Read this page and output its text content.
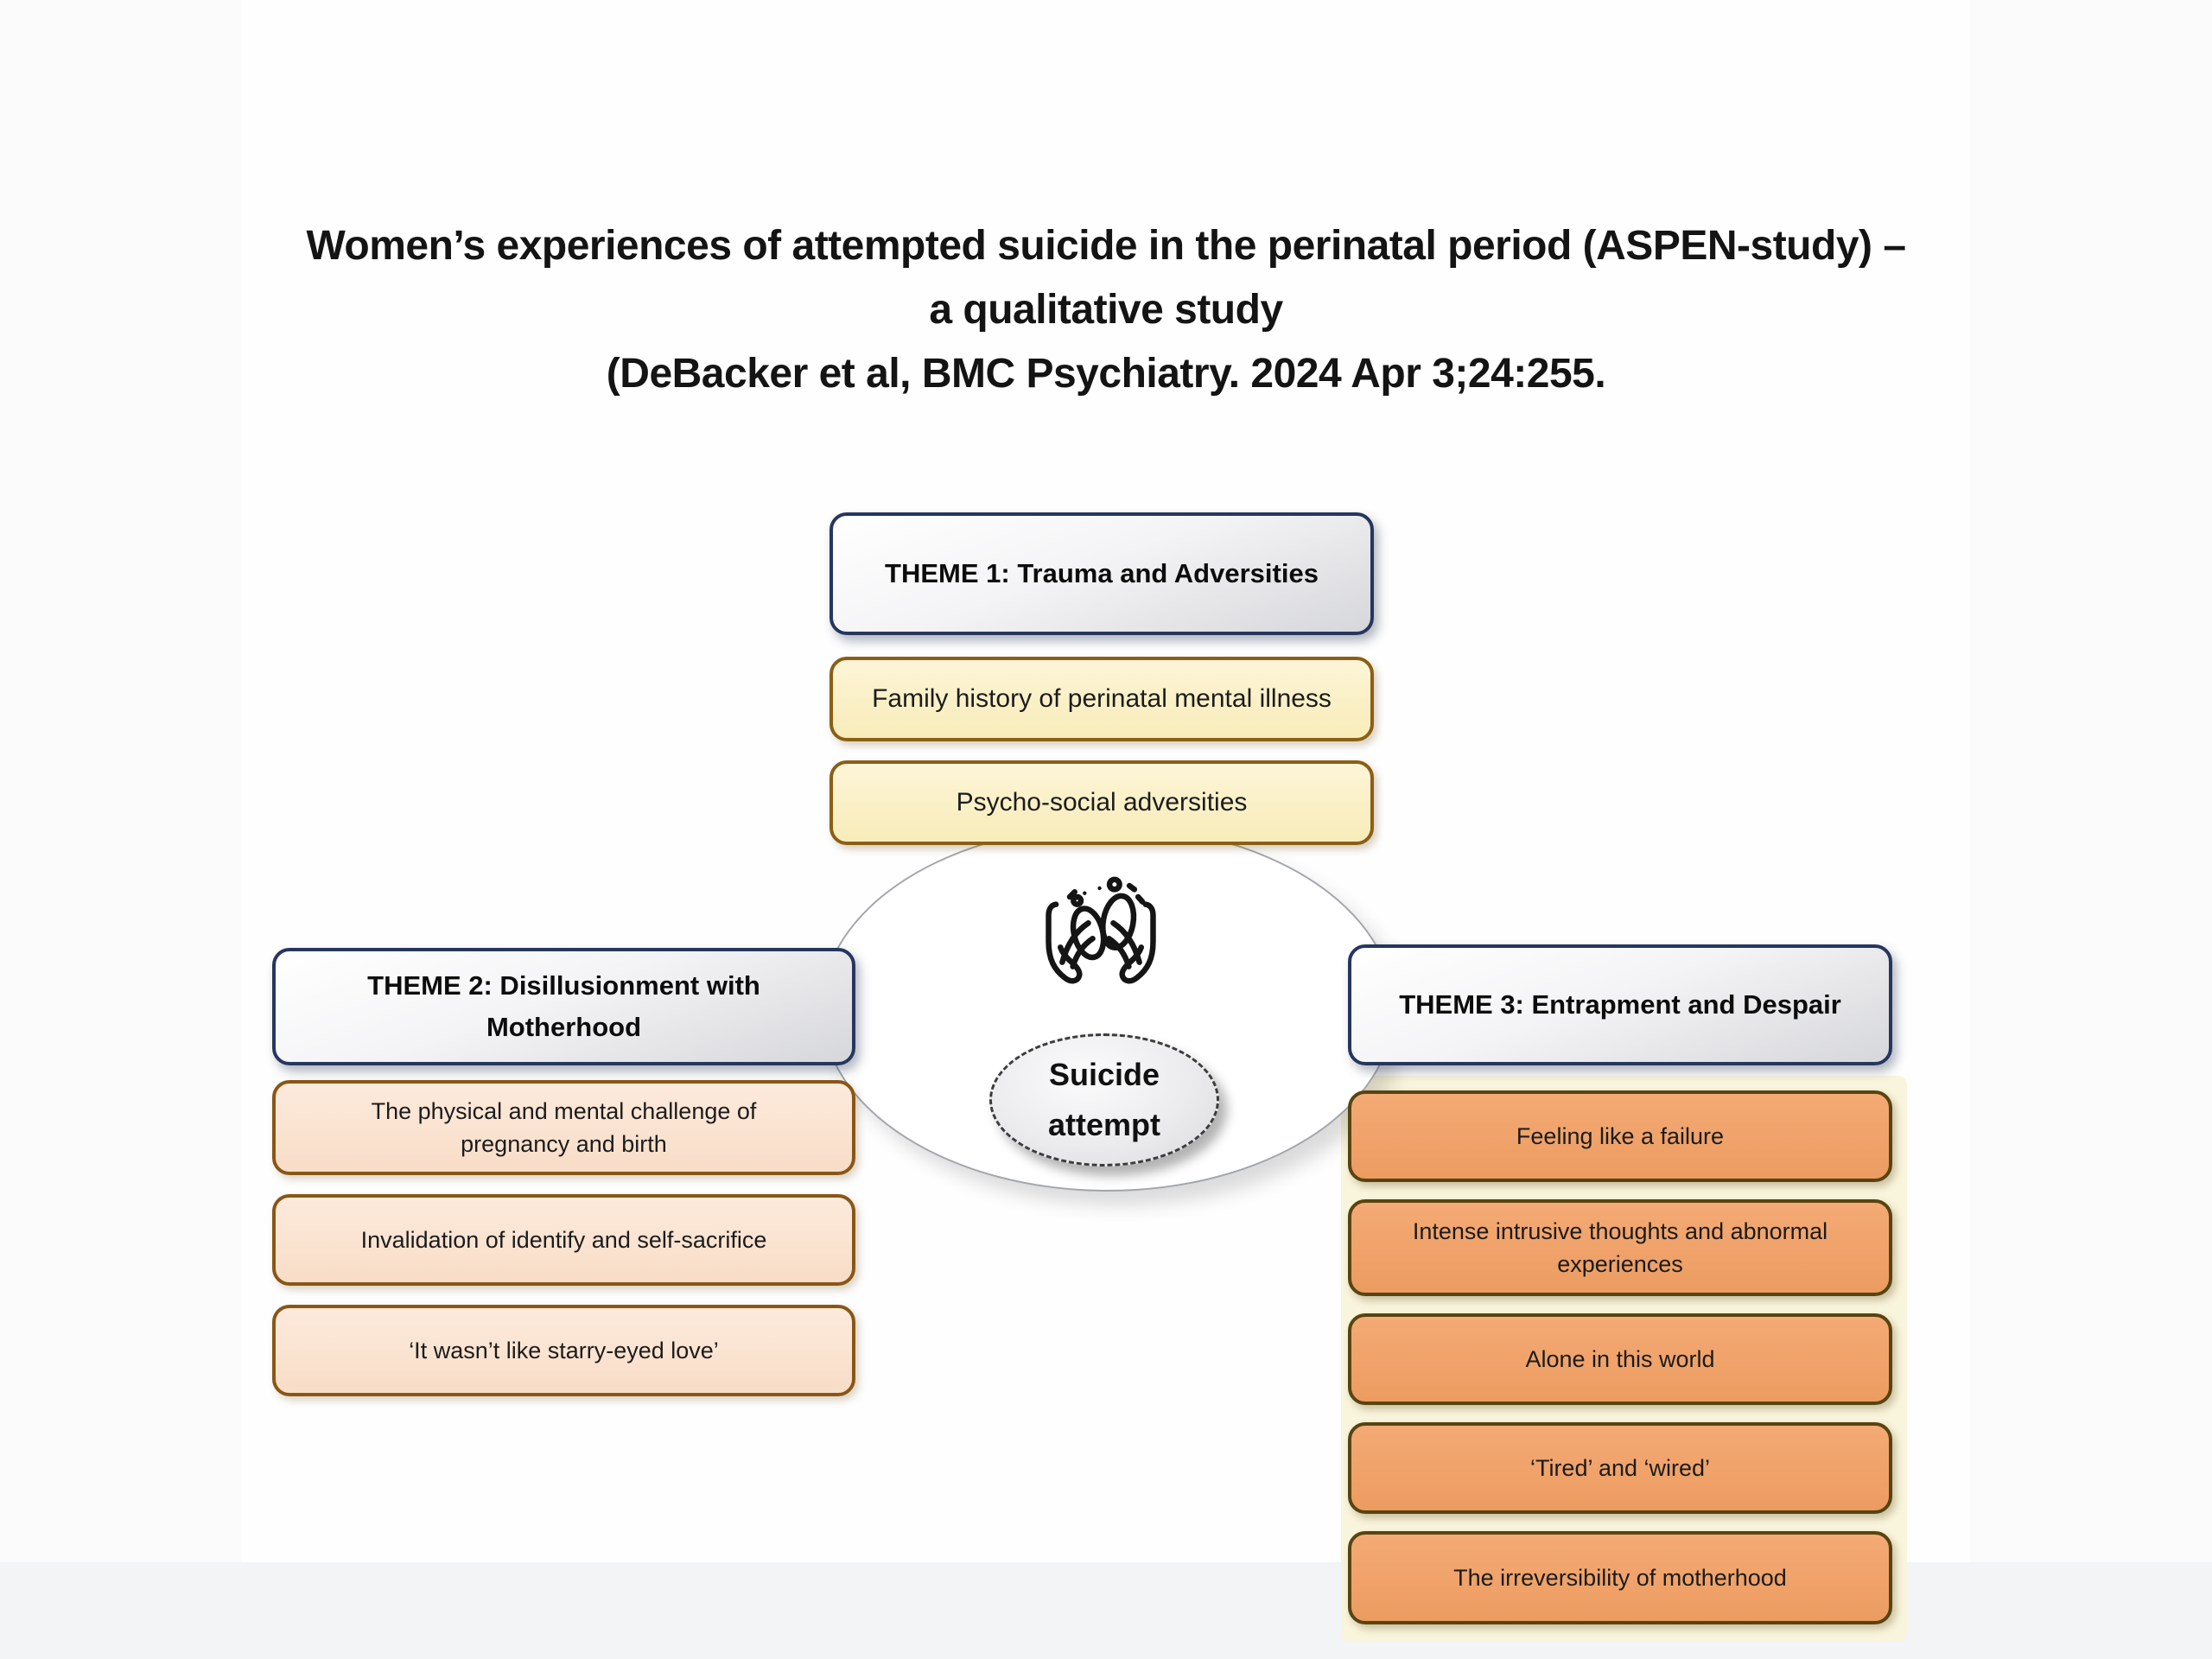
Women’s experiences of attempted suicide in the perinatal period (ASPEN-study) –
a qualitative study
(DeBacker et al, BMC Psychiatry. 2024 Apr 3;24:255.
Suicide
attempt
THEME 1: Trauma and Adversities
Family history of perinatal mental illness
Psycho-social adversities
THEME 2: Disillusionment with
Motherhood
The physical and mental challenge of
pregnancy and birth
Invalidation of identify and self-sacrifice
‘It wasn’t like starry-eyed love’
THEME 3: Entrapment and Despair
Feeling like a failure
Intense intrusive thoughts and abnormal
experiences
Alone in this world
‘Tired’ and ‘wired’
The irreversibility of motherhood
